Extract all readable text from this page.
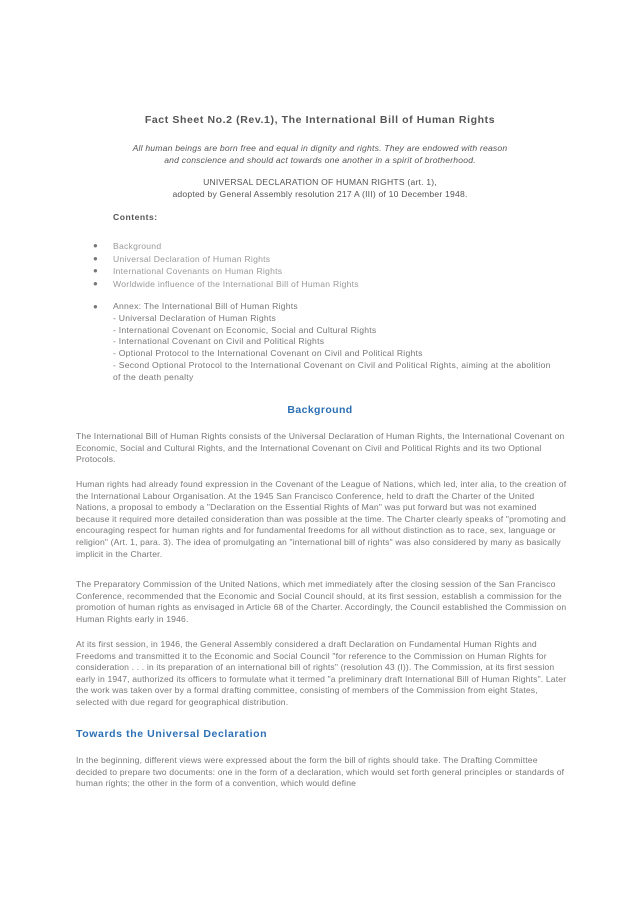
Fact Sheet No.2 (Rev.1), The International Bill of Human Rights
All human beings are born free and equal in dignity and rights. They are endowed with reason
and conscience and should act towards one another in a spirit of brotherhood.
UNIVERSAL DECLARATION OF HUMAN RIGHTS (art. 1),
adopted by General Assembly resolution 217 A (III) of 10 December 1948.
Contents:
● Background
● Universal Declaration of Human Rights
● International Covenants on Human Rights
● Worldwide influence of the International Bill of Human Rights
● Annex: The International Bill of Human Rights
- Universal Declaration of Human Rights
- International Covenant on Economic, Social and Cultural Rights
- International Covenant on Civil and Political Rights
- Optional Protocol to the International Covenant on Civil and Political Rights
- Second Optional Protocol to the International Covenant on Civil and Political Rights, aiming at the abolition of the death penalty
Background

The International Bill of Human Rights consists of the Universal Declaration of Human Rights, the International Covenant on Economic, Social and Cultural Rights, and the International Covenant on Civil and Political Rights and its two Optional Protocols.

Human rights had already found expression in the Covenant of the League of Nations, which led, inter alia, to the creation of the International Labour Organisation. At the 1945 San Francisco Conference, held to draft the Charter of the United Nations, a proposal to embody a "Declaration on the Essential Rights of Man" was put forward but was not examined because it required more detailed consideration than was possible at the time. The Charter clearly speaks of "promoting and encouraging respect for human rights and for fundamental freedoms for all without distinction as to race, sex, language or religion" (Art. 1, para. 3). The idea of promulgating an "international bill of rights" was also considered by many as basically implicit in the Charter.

The Preparatory Commission of the United Nations, which met immediately after the closing session of the San Francisco Conference, recommended that the Economic and Social Council should, at its first session, establish a commission for the promotion of human rights as envisaged in Article 68 of the Charter. Accordingly, the Council established the Commission on Human Rights early in 1946.

At its first session, in 1946, the General Assembly considered a draft Declaration on Fundamental Human Rights and Freedoms and transmitted it to the Economic and Social Council "for reference to the Commission on Human Rights for consideration . . . in its preparation of an international bill of rights" (resolution 43 (I)). The Commission, at its first session early in 1947, authorized its officers to formulate what it termed "a preliminary draft International Bill of Human Rights". Later the work was taken over by a formal drafting committee, consisting of members of the Commission from eight States, selected with due regard for geographical distribution.

Towards the Universal Declaration

In the beginning, different views were expressed about the form the bill of rights should take. The Drafting Committee decided to prepare two documents: one in the form of a declaration, which would set forth general principles or standards of human rights; the other in the form of a convention, which would define
